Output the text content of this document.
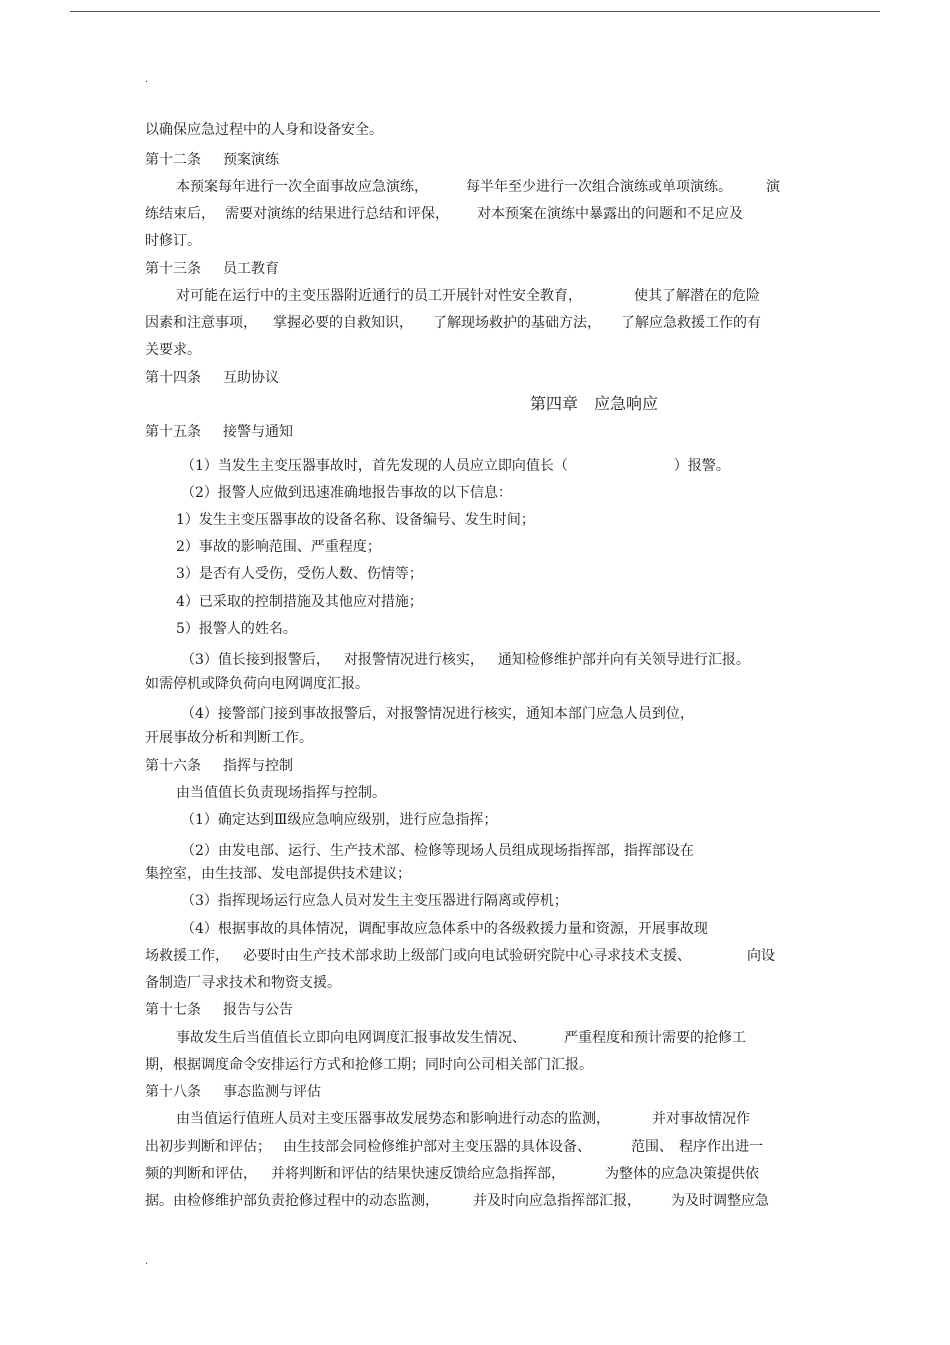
.
以确保应急过程中的人身和设备安全。
第十二条 预案演练
本预案每年进行一次全面事故应急演练，	每半年至少进行一次组合演练或单项演练。 演
练结束后， 需要对演练的结果进行总结和评保， 对本预案在演练中暴露出的问题和不足应及
时修订。
第十三条 员工教育
对可能在运行中的主变压器附近通行的员工开展针对性安全教育，	使其了解潜在的危险
因素和注意事项， 掌握必要的自救知识， 了解现场救护的基础方法， 了解应急救援工作的有
关要求。
第十四条 互助协议
第四章　应急响应
第十五条 接警与通知
（1）当发生主变压器事故时，首先发现的人员应立即向值长（	）报警。
（2）报警人应做到迅速准确地报告事故的以下信息：
1）发生主变压器事故的设备名称、设备编号、发生时间；
2）事故的影响范围、严重程度；
3）是否有人受伤，受伤人数、伤情等；
4）已采取的控制措施及其他应对措施；
5）报警人的姓名。
（3）值长接到报警后， 对报警情况进行核实， 通知检修维护部并向有关领导进行汇报。
如需停机或降负荷向电网调度汇报。
（4）接警部门接到事故报警后，对报警情况进行核实，通知本部门应急人员到位，
开展事故分析和判断工作。
第十六条 指挥与控制
由当值值长负责现场指挥与控制。
（1）确定达到Ⅲ级应急响应级别，进行应急指挥；
（2）由发电部、运行、生产技术部、检修等现场人员组成现场指挥部，指挥部设在
集控室，由生技部、发电部提供技术建议；
（3）指挥现场运行应急人员对发生主变压器进行隔离或停机；
（4）根据事故的具体情况，调配事故应急体系中的各级救援力量和资源，开展事故现
场救援工作， 必要时由生产技术部求助上级部门或向电试验研究院中心寻求技术支援、	向设
备制造厂寻求技术和物资支援。
第十七条 报告与公告
事故发生后当值值长立即向电网调度汇报事故发生情况、	严重程度和预计需要的抢修工
期，根据调度命令安排运行方式和抢修工期；同时向公司相关部门汇报。
第十八条 事态监测与评估
由当值运行值班人员对主变压器事故发展势态和影响进行动态的监测，	并对事故情况作
出初步判断和评估； 由生技部会同检修维护部对主变压器的具体设备、	范围、 程序作出进一
频的判断和评估， 并将判断和评估的结果快速反馈给应急指挥部，	为整体的应急决策提供依
据。由检修维护部负责抢修过程中的动态监测， 并及时向应急指挥部汇报， 为及时调整应急
.
